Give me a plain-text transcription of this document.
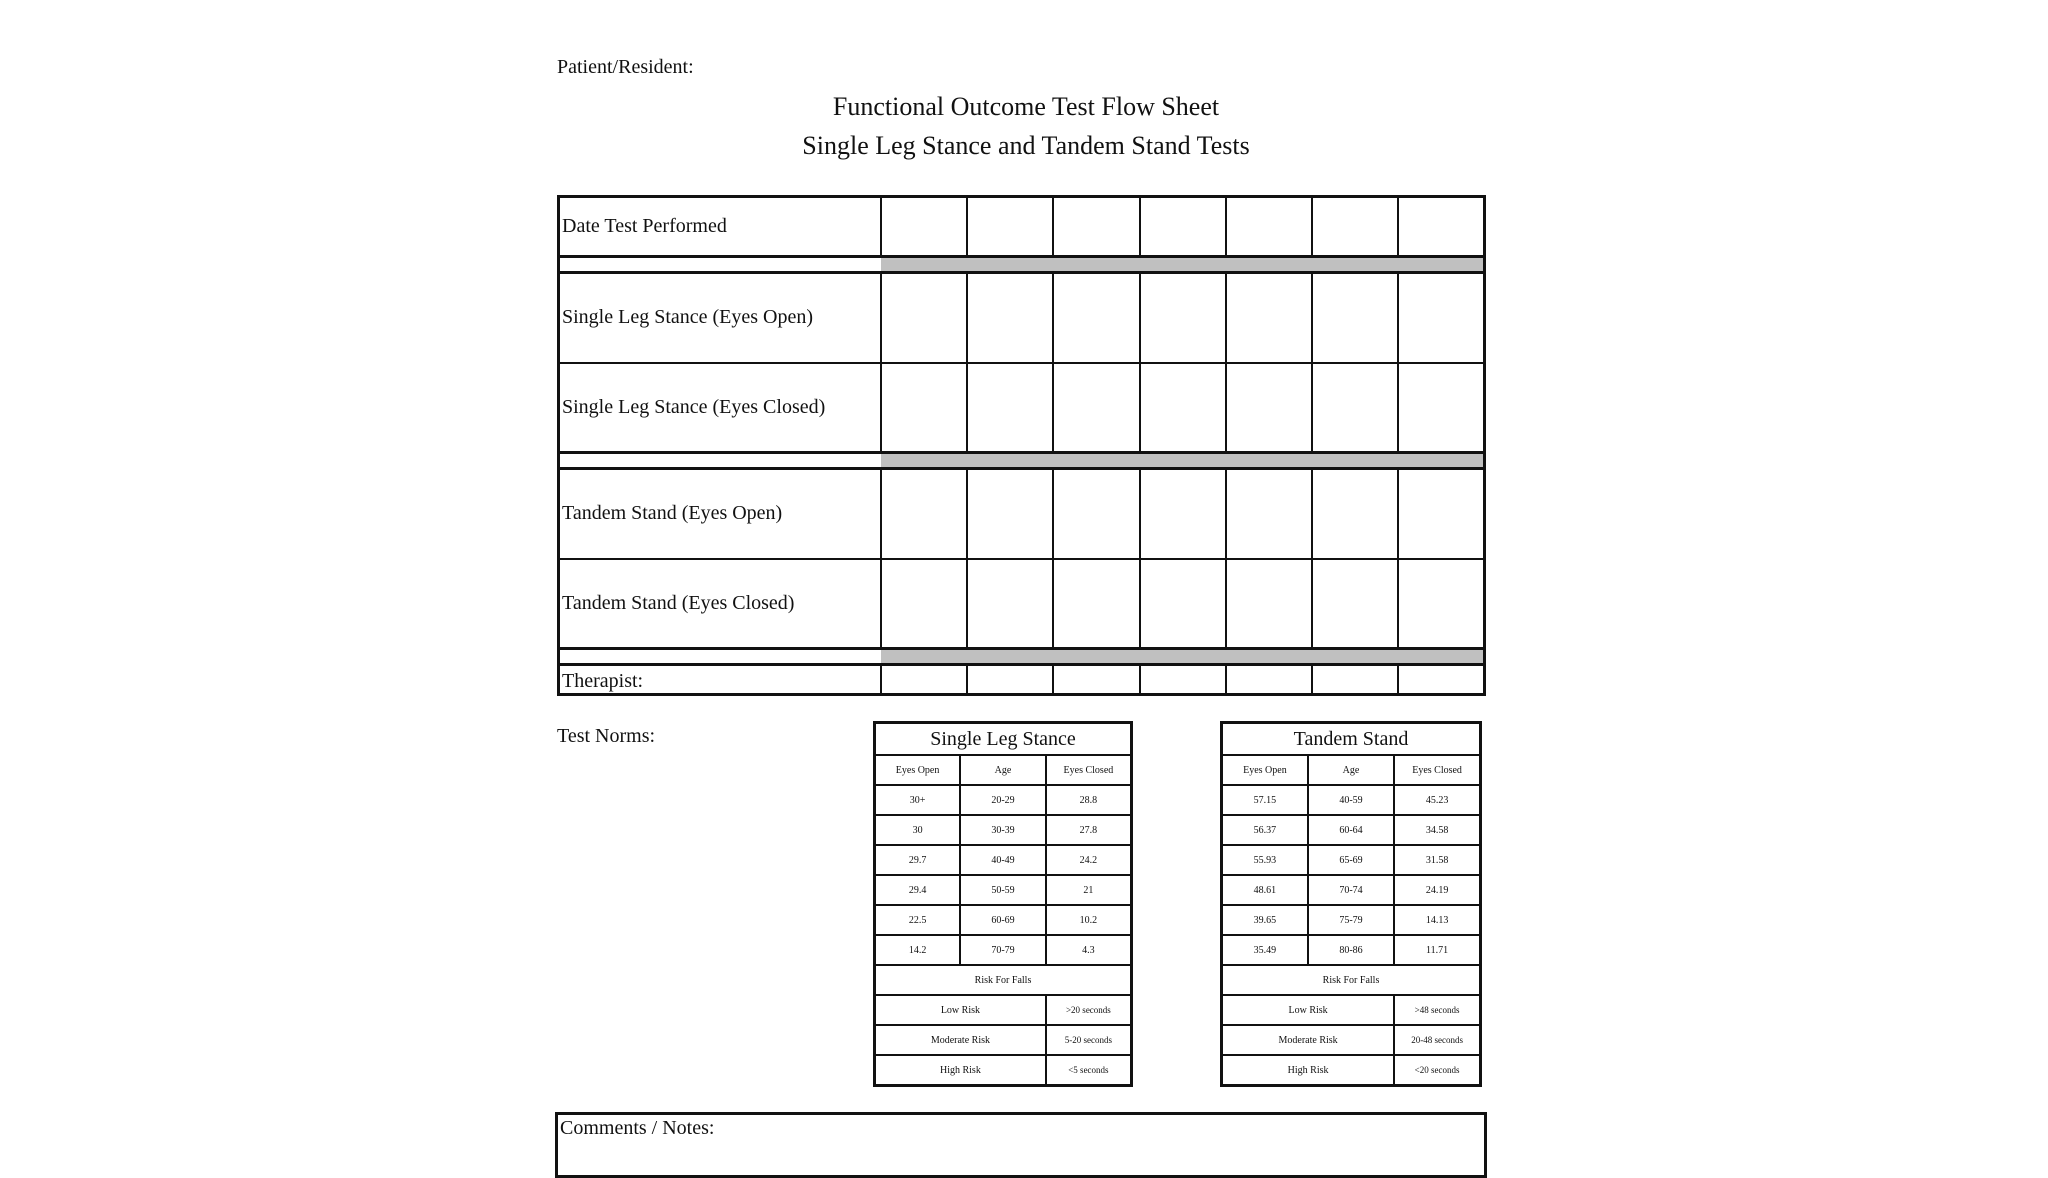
Patient/Resident:
Functional Outcome Test Flow Sheet
Single Leg Stance and Tandem Stand Tests
Date Test Performed							

Single Leg Stance (Eyes Open)							
Single Leg Stance (Eyes Closed)							

Tandem Stand (Eyes Open)							
Tandem Stand (Eyes Closed)							

Therapist:							
Test Norms:	Single Leg Stance		
Eyes Open	Age	Eyes Closed
30+	20-29	28.8
30	30-39	27.8
29.7	40-49	24.2
29.4	50-59	21
22.5	60-69	10.2
14.2	70-79	4.3
Risk For Falls		
Low Risk		>20 seconds
Moderate Risk		5-20 seconds
High Risk		<5 seconds
Tandem Stand		
Eyes Open	Age	Eyes Closed
57.15	40-59	45.23
56.37	60-64	34.58
55.93	65-69	31.58
48.61	70-74	24.19
39.65	75-79	14.13
35.49	80-86	11.71
Risk For Falls		
Low Risk		>48 seconds
Moderate Risk		20-48 seconds
High Risk		<20 seconds
Comments / Notes:
